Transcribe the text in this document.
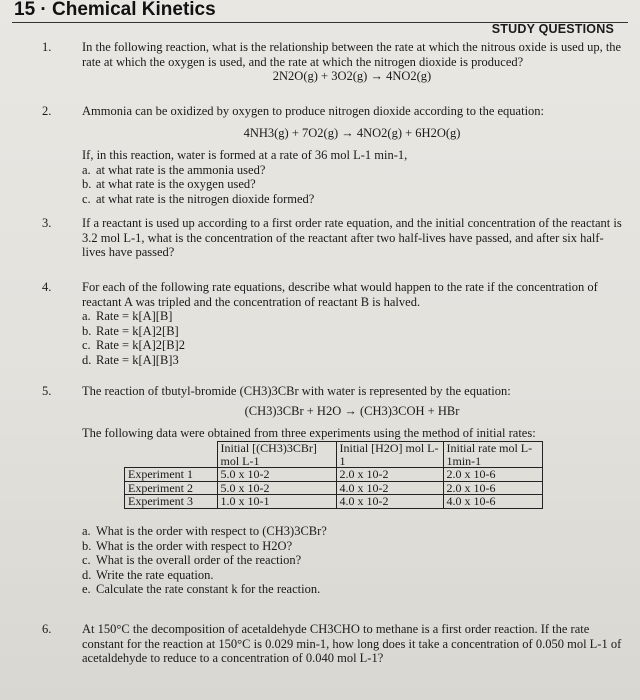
15 · Chemical Kinetics
STUDY QUESTIONS
1. In the following reaction, what is the relationship between the rate at which the nitrous oxide is used up, the rate at which the oxygen is used, and the rate at which the nitrogen dioxide is produced?

2N2O(g) + 3O2(g) → 4NO2(g)

2. Ammonia can be oxidized by oxygen to produce nitrogen dioxide according to the equation:

4NH3(g) + 7O2(g) → 4NO2(g) + 6H2O(g)

If, in this reaction, water is formed at a rate of 36 mol L-1 min-1,

a. at what rate is the ammonia used?
b. at what rate is the oxygen used?
c. at what rate is the nitrogen dioxide formed?
3. If a reactant is used up according to a first order rate equation, and the initial concentration of the reactant is 3.2 mol L-1, what is the concentration of the reactant after two half-lives have passed, and after six half-lives have passed?

4. For each of the following rate equations, describe what would happen to the rate if the concentration of reactant A was tripled and the concentration of reactant B is halved.

a. Rate = k[A][B]
b. Rate = k[A]2[B]
c. Rate = k[A]2[B]2
d. Rate = k[A][B]3
5. The reaction of tbutyl-bromide (CH3)3CBr with water is represented by the equation:

(CH3)3CBr + H2O → (CH3)3COH + HBr

The following data were obtained from three experiments using the method of initial rates:
	Initial [(CH3)3CBr] mol L-1	Initial [H2O] mol L-1	Initial rate mol L-1min-1
Experiment 1	5.0 x 10-2	2.0 x 10-2	2.0 x 10-6
Experiment 2	5.0 x 10-2	4.0 x 10-2	2.0 x 10-6
Experiment 3	1.0 x 10-1	4.0 x 10-2	4.0 x 10-6
a. What is the order with respect to (CH3)3CBr?
b. What is the order with respect to H2O?
c. What is the overall order of the reaction?
d. Write the rate equation.
e. Calculate the rate constant k for the reaction.
6. At 150°C the decomposition of acetaldehyde CH3CHO to methane is a first order reaction. If the rate constant for the reaction at 150°C is 0.029 min-1, how long does it take a concentration of 0.050 mol L-1 of acetaldehyde to reduce to a concentration of 0.040 mol L-1?
